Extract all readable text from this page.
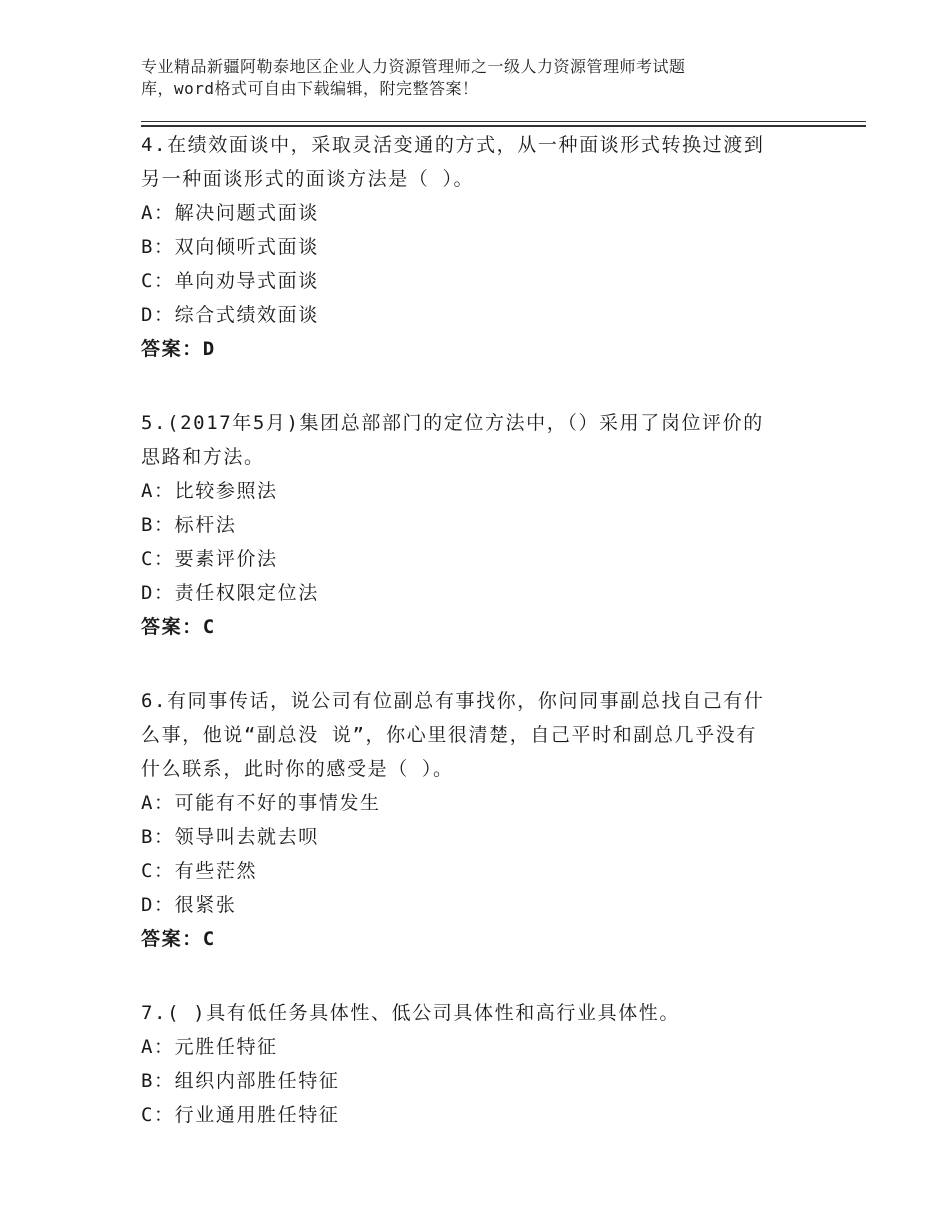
专业精品新疆阿勒泰地区企业人力资源管理师之一级人力资源管理师考试题
库，word格式可自由下载编辑，附完整答案！
4.在绩效面谈中，采取灵活变通的方式，从一种面谈形式转换过渡到
另一种面谈形式的面谈方法是（ ）。
A：解决问题式面谈
B：双向倾听式面谈
C：单向劝导式面谈
D：综合式绩效面谈
答案：D
5.(2017年5月)集团总部部门的定位方法中，（）采用了岗位评价的
思路和方法。
A：比较参照法
B：标杆法
C：要素评价法
D：责任权限定位法
答案：C
6.有同事传话，说公司有位副总有事找你，你问同事副总找自己有什
么事，他说“副总没 说”，你心里很清楚，自己平时和副总几乎没有
什么联系，此时你的感受是（ ）。
A：可能有不好的事情发生
B：领导叫去就去呗
C：有些茫然
D：很紧张
答案：C
7.( )具有低任务具体性、低公司具体性和高行业具体性。
A：元胜任特征
B：组织内部胜任特征
C：行业通用胜任特征
